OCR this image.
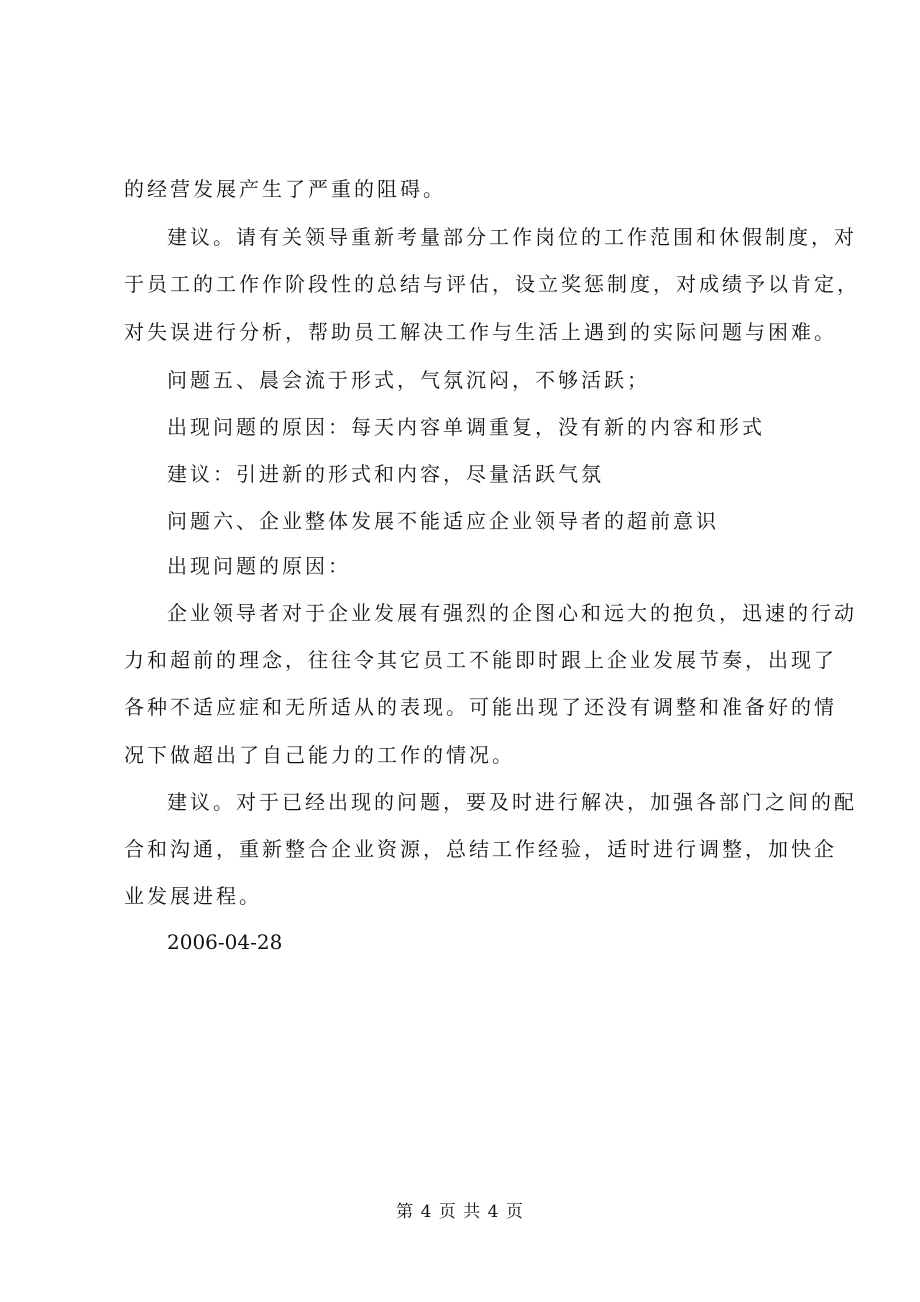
的经营发展产生了严重的阻碍。
建议。请有关领导重新考量部分工作岗位的工作范围和休假制度，对
于员工的工作作阶段性的总结与评估，设立奖惩制度，对成绩予以肯定，
对失误进行分析，帮助员工解决工作与生活上遇到的实际问题与困难。
问题五、晨会流于形式，气氛沉闷，不够活跃；
出现问题的原因：每天内容单调重复，没有新的内容和形式
建议：引进新的形式和内容，尽量活跃气氛
问题六、企业整体发展不能适应企业领导者的超前意识
出现问题的原因：
企业领导者对于企业发展有强烈的企图心和远大的抱负，迅速的行动
力和超前的理念，往往令其它员工不能即时跟上企业发展节奏，出现了
各种不适应症和无所适从的表现。可能出现了还没有调整和准备好的情
况下做超出了自己能力的工作的情况。
建议。对于已经出现的问题，要及时进行解决，加强各部门之间的配
合和沟通，重新整合企业资源，总结工作经验，适时进行调整，加快企
业发展进程。
2006-04-28
第 4 页 共 4 页
